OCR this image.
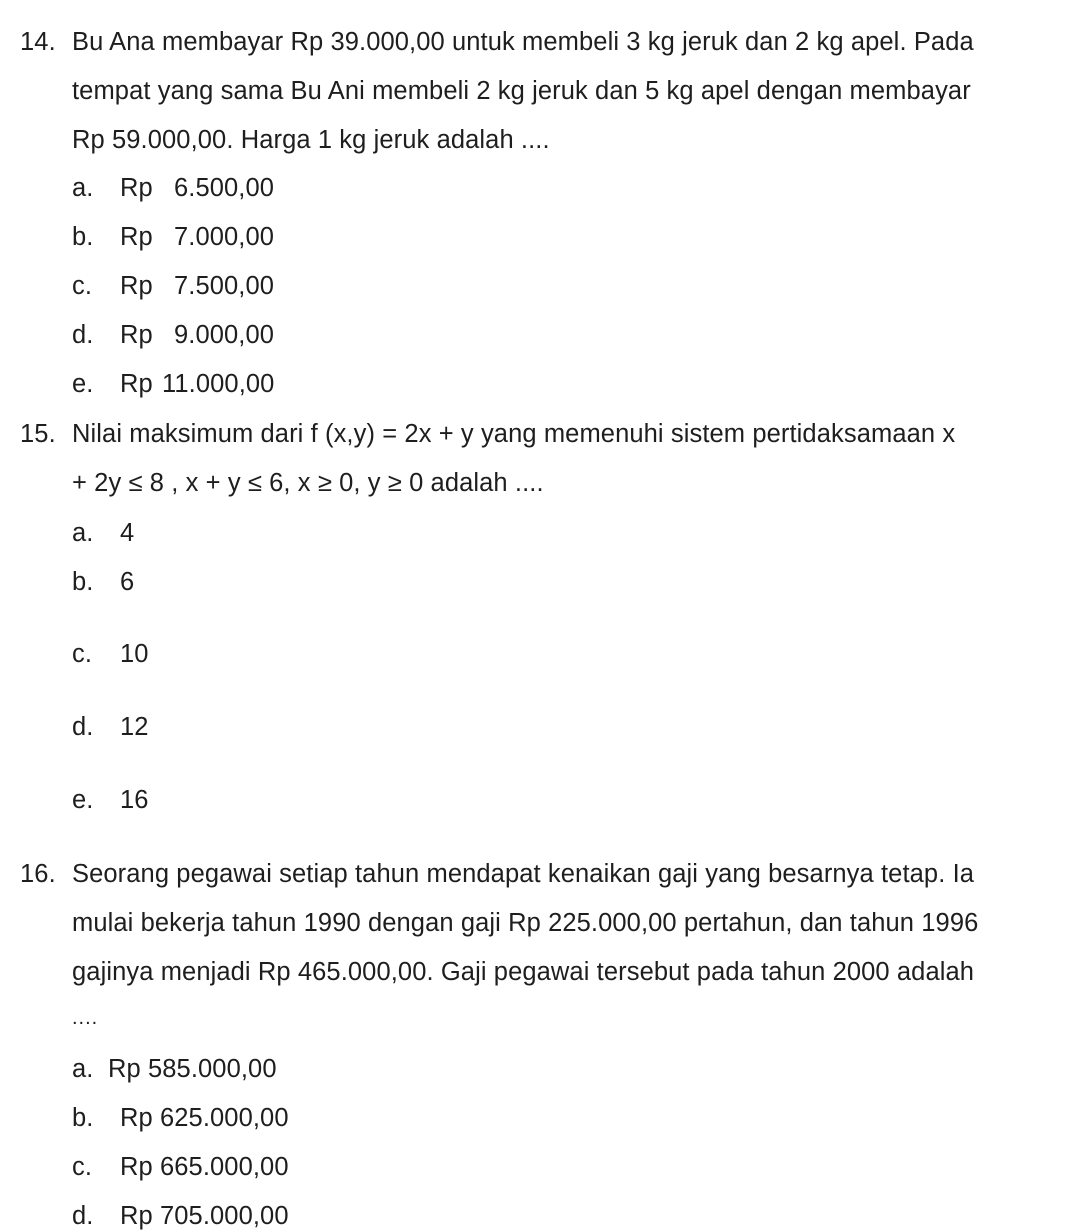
14. Bu Ana membayar Rp 39.000,00 untuk membeli 3 kg jeruk dan 2 kg apel. Pada
tempat yang sama Bu Ani membeli 2 kg jeruk dan 5 kg apel dengan membayar
Rp 59.000,00. Harga 1 kg jeruk adalah ....
a. Rp 6.500,00
b. Rp 7.000,00
c. Rp 7.500,00
d. Rp 9.000,00
e. Rp 11.000,00
15. Nilai maksimum dari f (x,y) = 2x + y yang memenuhi sistem pertidaksamaan x
+ 2y ≤ 8 , x + y ≤ 6, x ≥ 0, y ≥ 0 adalah ....
a. 4
b. 6
c. 10
d. 12
e. 16
16. Seorang pegawai setiap tahun mendapat kenaikan gaji yang besarnya tetap. Ia
mulai bekerja tahun 1990 dengan gaji Rp 225.000,00 pertahun, dan tahun 1996
gajinya menjadi Rp 465.000,00. Gaji pegawai tersebut pada tahun 2000 adalah
....
a. Rp 585.000,00
b. Rp 625.000,00
c. Rp 665.000,00
d. Rp 705.000,00
